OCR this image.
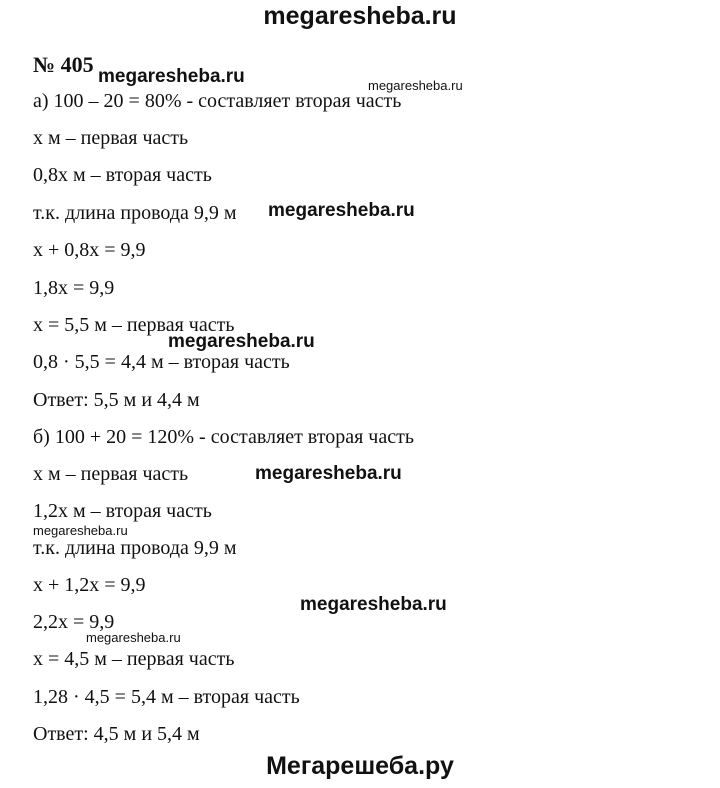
megaresheba.ru
№ 405
а) 100 – 20 = 80% - составляет вторая часть
х м – первая часть
0,8х м – вторая часть
т.к. длина провода 9,9 м
х + 0,8х = 9,9
1,8х = 9,9
х = 5,5 м – первая часть
0,8 · 5,5 = 4,4 м – вторая часть
Ответ: 5,5 м и 4,4 м
б) 100 + 20 = 120% - составляет вторая часть
х м – первая часть
1,2х м – вторая часть
т.к. длина провода 9,9 м
х + 1,2х = 9,9
2,2х = 9,9
х = 4,5 м – первая часть
1,28 · 4,5 = 5,4 м – вторая часть
Ответ: 4,5 м и 5,4 м
megaresheba.ru	megaresheba.ru
megaresheba.ru
megaresheba.ru
megaresheba.ru
megaresheba.ru
megaresheba.ru
megaresheba.ru
Мегарешеба.ру
